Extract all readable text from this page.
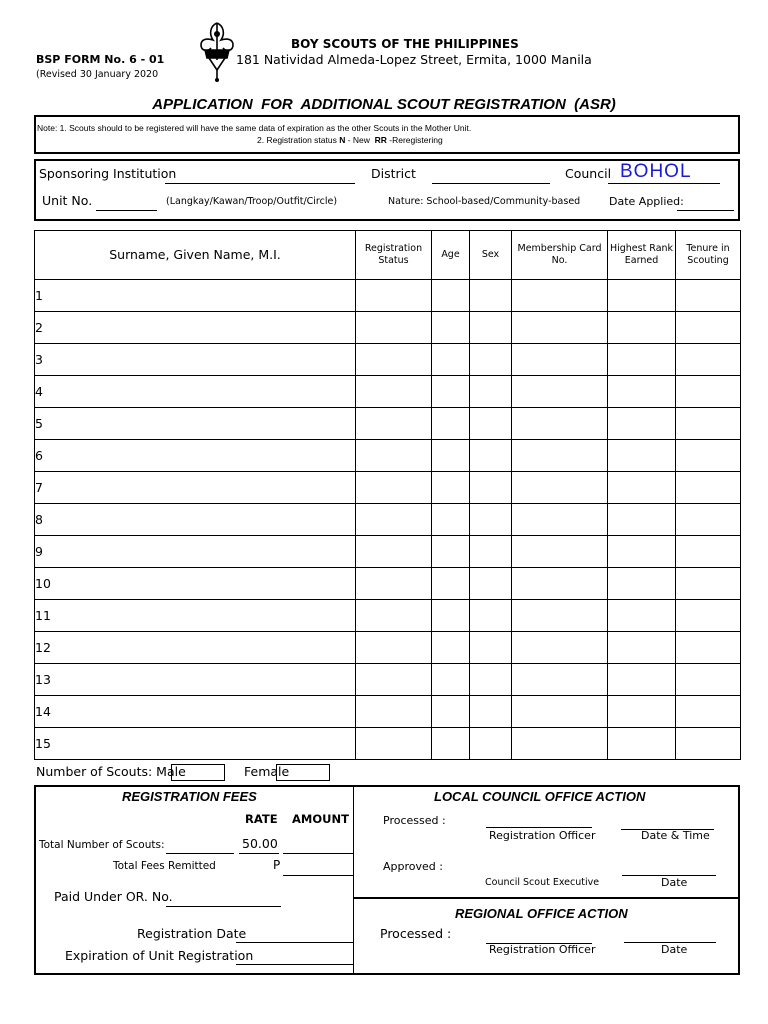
BSP FORM No. 6 - 01
(Revised 30 January 2020
BOY SCOUTS OF THE PHILIPPINES
181 Natividad Almeda-Lopez Street, Ermita, 1000 Manila
APPLICATION  FOR  ADDITIONAL SCOUT REGISTRATION  (ASR)
Note: 1. Scouts should to be registered will have the same data of expiration as the other Scouts in the Mother Unit.
2. Registration status N - New  RR -Reregistering
Sponsoring Institution	District	Council BOHOL
Unit No.	(Langkay/Kawan/Troop/Outfit/Circle)	Nature: School-based/Community-based	Date Applied:
Surname, Given Name, M.I.	Registration Status	Age	Sex	Membership Card No.	Highest Rank Earned	Tenure in Scouting
1						
2						
3						
4						
5						
6						
7						
8						
9						
10						
11						
12						
13						
14						
15						
Number of Scouts: Male	Female
REGISTRATION FEES
RATE AMOUNT
Total Number of Scouts:	50.00
Total Fees Remitted	P
Paid Under OR. No.
Registration Date
Expiration of Unit Registration
LOCAL COUNCIL OFFICE ACTION
Processed :
Registration Officer	Date & Time
Approved :
Council Scout Executive	Date
REGIONAL OFFICE ACTION
Processed :
Registration Officer	Date
